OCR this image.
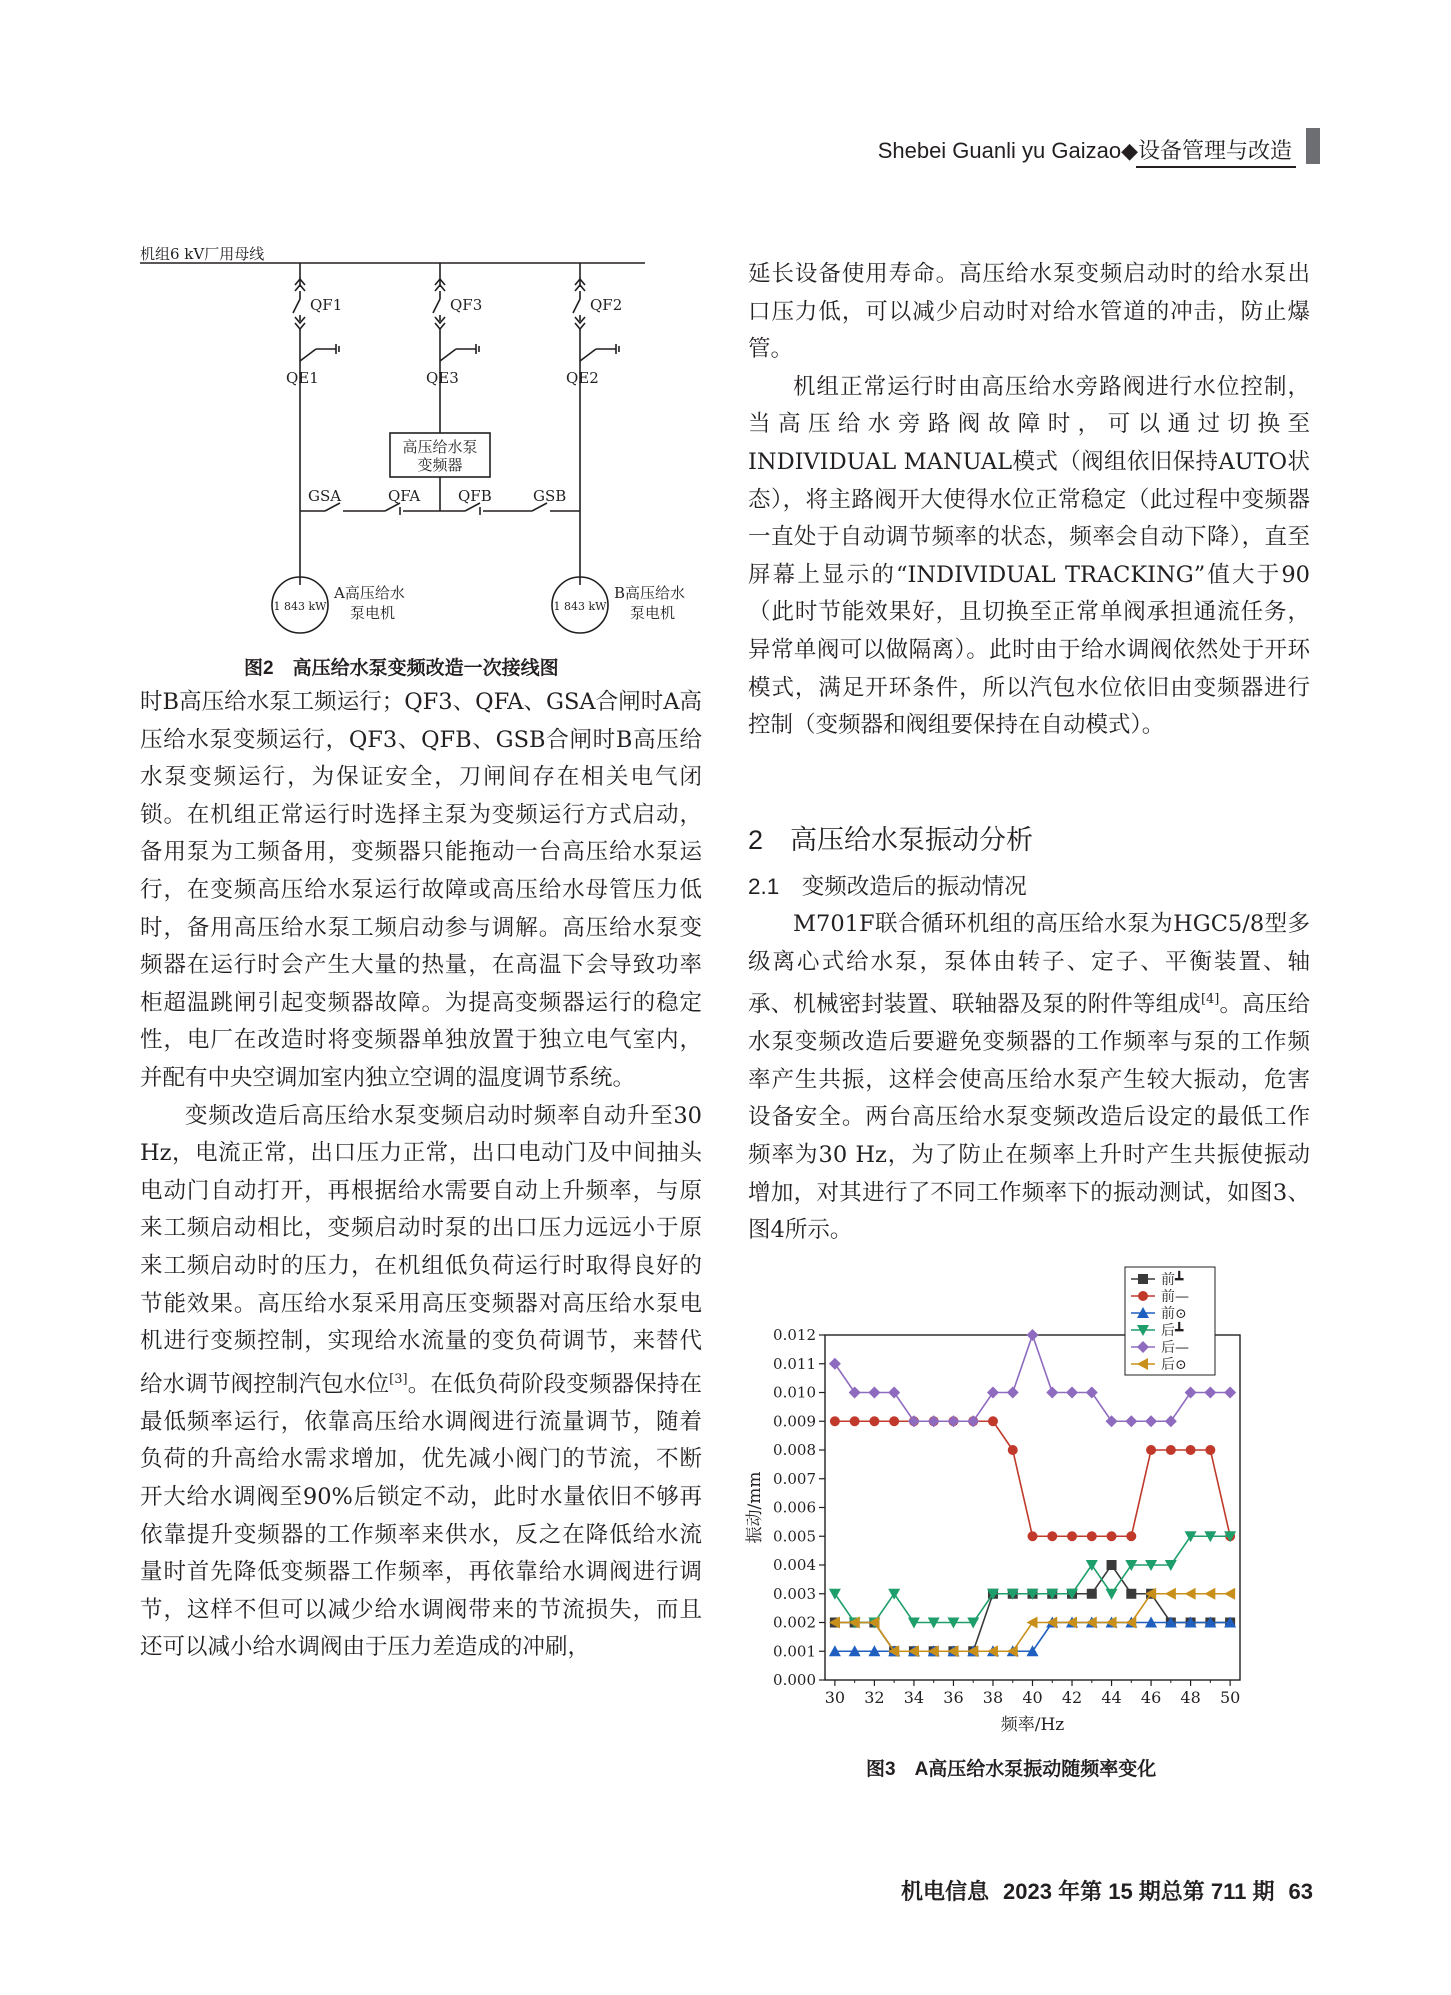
Shebei Guanli yu Gaizao◆设备管理与改造
机组6 kV厂用母线
QF1	QF3	QF2
QE1	QE3	QE2
高压给水泵
变频器
GSA	QFA	QFB	GSB
1 843 kW	1 843 kW
A高压给水
泵电机
B高压给水
泵电机
图2　高压给水泵变频改造一次接线图

时B高压给水泵工频运行；QF3、QFA、GSA合闸时A高压给水泵变频运行，QF3、QFB、GSB合闸时B高压给水泵变频运行，为保证安全，刀闸间存在相关电气闭锁。在机组正常运行时选择主泵为变频运行方式启动，备用泵为工频备用，变频器只能拖动一台高压给水泵运行，在变频高压给水泵运行故障或高压给水母管压力低时，备用高压给水泵工频启动参与调解。高压给水泵变频器在运行时会产生大量的热量，在高温下会导致功率柜超温跳闸引起变频器故障。为提高变频器运行的稳定性，电厂在改造时将变频器单独放置于独立电气室内，并配有中央空调加室内独立空调的温度调节系统。

变频改造后高压给水泵变频启动时频率自动升至30 Hz，电流正常，出口压力正常，出口电动门及中间抽头电动门自动打开，再根据给水需要自动上升频率，与原来工频启动相比，变频启动时泵的出口压力远远小于原来工频启动时的压力，在机组低负荷运行时取得良好的节能效果。高压给水泵采用高压变频器对高压给水泵电机进行变频控制，实现给水流量的变负荷调节，来替代给水调节阀控制汽包水位[3]。在低负荷阶段变频器保持在最低频率运行，依靠高压给水调阀进行流量调节，随着负荷的升高给水需求增加，优先减小阀门的节流，不断开大给水调阀至90%后锁定不动，此时水量依旧不够再依靠提升变频器的工作频率来供水，反之在降低给水流量时首先降低变频器工作频率，再依靠给水调阀进行调节，这样不但可以减少给水调阀带来的节流损失，而且还可以减小给水调阀由于压力差造成的冲刷，

延长设备使用寿命。高压给水泵变频启动时的给水泵出口压力低，可以减少启动时对给水管道的冲击，防止爆管。

机组正常运行时由高压给水旁路阀进行水位控制，当高压给水旁路阀故障时，可以通过切换至INDIVIDUAL MANUAL模式（阀组依旧保持AUTO状态），将主路阀开大使得水位正常稳定（此过程中变频器一直处于自动调节频率的状态，频率会自动下降），直至屏幕上显示的“INDIVIDUAL TRACKING”值大于90（此时节能效果好，且切换至正常单阀承担通流任务，异常单阀可以做隔离）。此时由于给水调阀依然处于开环模式，满足开环条件，所以汽包水位依旧由变频器进行控制（变频器和阀组要保持在自动模式）。

2　高压给水泵振动分析
2.1　变频改造后的振动情况

M701F联合循环机组的高压给水泵为HGC5/8型多级离心式给水泵，泵体由转子、定子、平衡装置、轴承、机械密封装置、联轴器及泵的附件等组成[4]。高压给水泵变频改造后要避免变频器的工作频率与泵的工作频率产生共振，这样会使高压给水泵产生较大振动，危害设备安全。两台高压给水泵变频改造后设定的最低工作频率为30 Hz，为了防止在频率上升时产生共振使振动增加，对其进行了不同工作频率下的振动测试，如图3、图4所示。

0.000
0.001
0.002
0.003
0.004
0.005
0.006
0.007
0.008
0.009
0.010
0.011
0.012
30 32 34 36 38 40 42 44 46 48 50
频率/Hz
振动/mm
前┻
前—
前⊙
后┻
后—
后⊙
图3　A高压给水泵振动随频率变化
机电信息 2023 年第 15 期总第 711 期 63
